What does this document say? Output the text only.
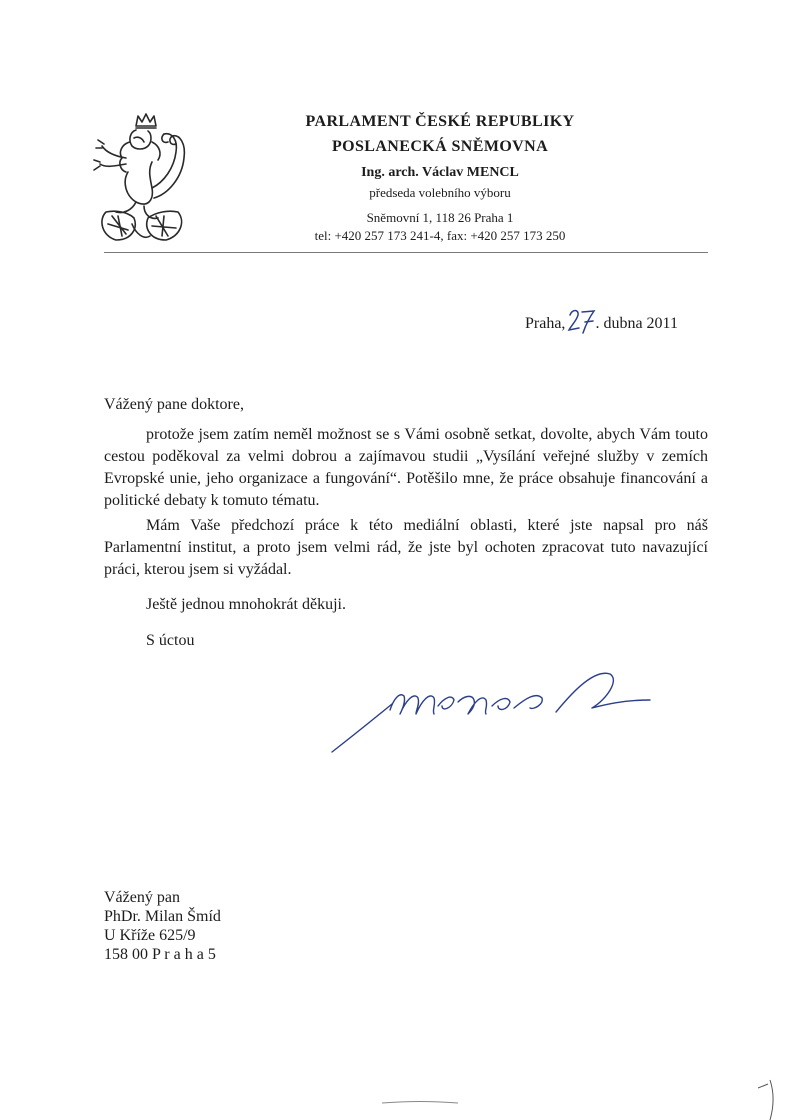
PARLAMENT ČESKÉ REPUBLIKY
POSLANECKÁ SNĚMOVNA
Ing. arch. Václav MENCL
předseda volebního výboru
Sněmovní 1, 118 26 Praha 1
tel: +420 257 173 241-4, fax: +420 257 173 250
Praha, . dubna 2011
Vážený pane doktore,
protože jsem zatím neměl možnost se s Vámi osobně setkat, dovolte, abych Vám touto cestou poděkoval za velmi dobrou a zajímavou studii „Vysílání veřejné služby v zemích Evropské unie, jeho organizace a fungování“. Potěšilo mne, že práce obsahuje financování a politické debaty k tomuto tématu.
Mám Vaše předchozí práce k této mediální oblasti, které jste napsal pro náš Parlamentní institut, a proto jsem velmi rád, že jste byl ochoten zpracovat tuto navazující práci, kterou jsem si vyžádal.
Ještě jednou mnohokrát děkuji.
S úctou
Vážený pan
PhDr. Milan Šmíd
U Kříže 625/9
158 00 P r a h a 5
